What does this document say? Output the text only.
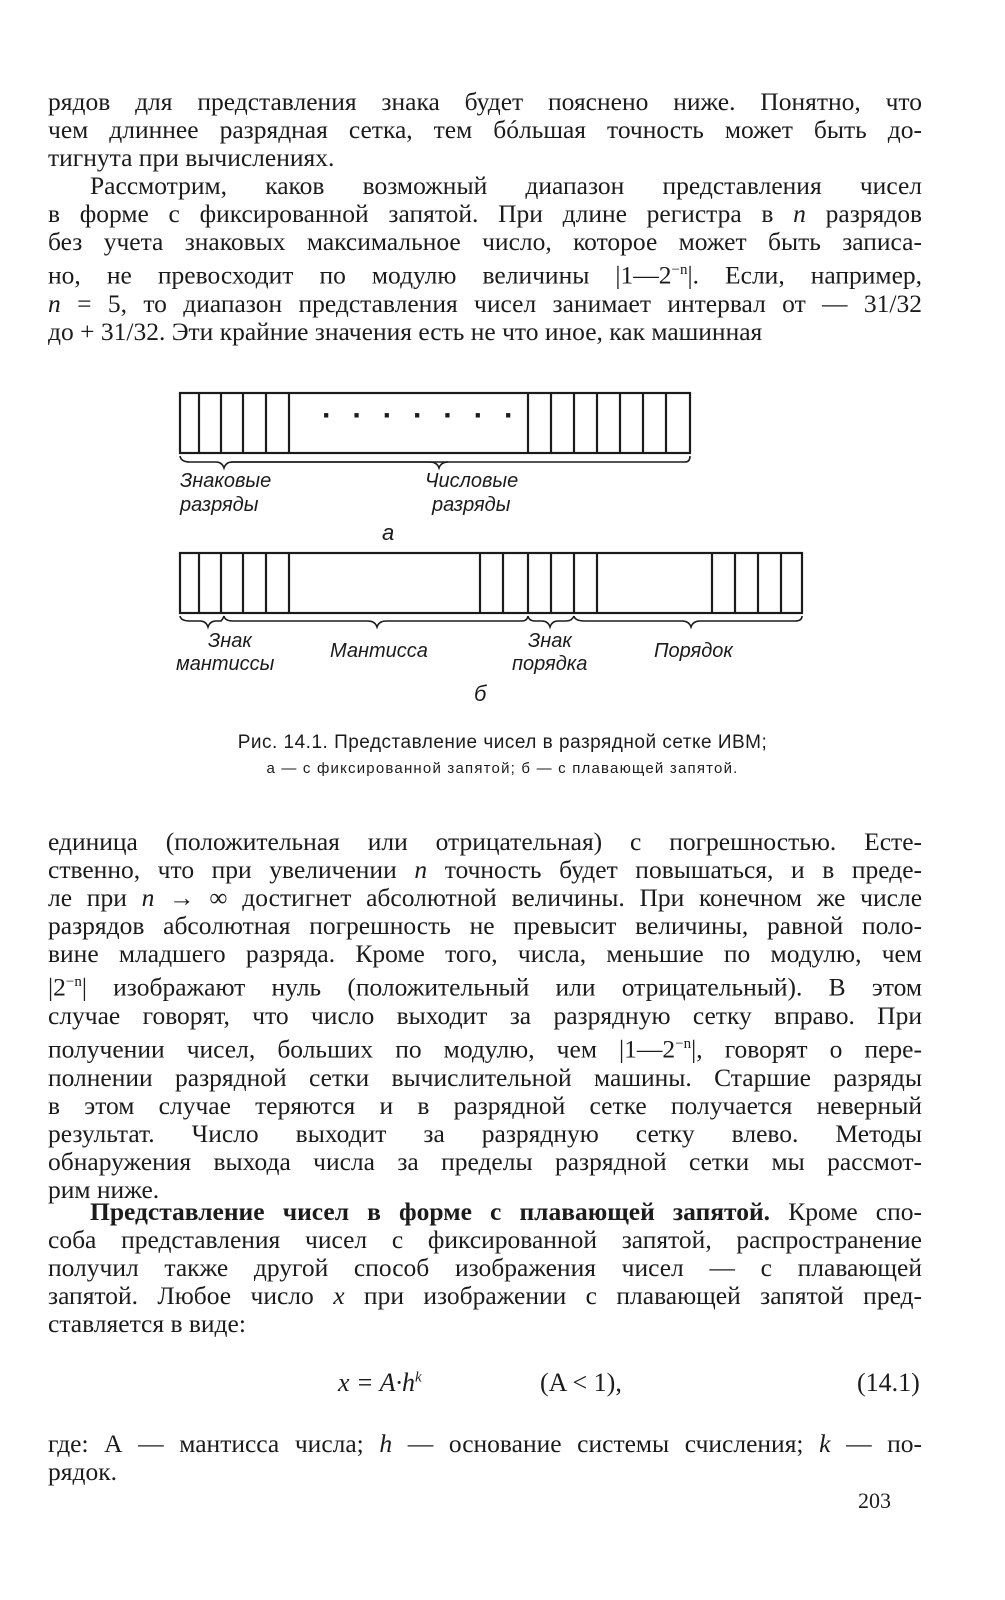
рядов для представления знака будет пояснено ниже. Понятно, что
чем длиннее разрядная сетка, тем бóльшая точность может быть до-
тигнута при вычислениях.
Рассмотрим, каков возможный диапазон представления чисел
в форме с фиксированной запятой. При длине регистра в n разрядов
без учета знаковых максимальное число, которое может быть записа-
но, не превосходит по модулю величины $|1—2^{-n}|$. Если, например,
n = 5, то диапазон представления чисел занимает интервал от — 31/32
до + 31/32. Эти крайние значения есть не что иное, как машинная
· · · · · · ·
Знаковые
разряды
Числовые
разряды
а
Знак
мантиссы
Мантисса	Знак
порядка
Порядок
б
Рис. 14.1. Представление чисел в разрядной сетке ИВМ;
а — с фиксированной запятой; б — с плавающей запятой.
единица (положительная или отрицательная) с погрешностью. Есте-
ственно, что при увеличении n точность будет повышаться, и в преде-
ле при n → ∞ достигнет абсолютной величины. При конечном же числе
разрядов абсолютная погрешность не превысит величины, равной поло-
вине младшего разряда. Кроме того, числа, меньшие по модулю, чем
$|2^{-n}|$ изображают нуль (положительный или отрицательный). В этом
случае говорят, что число выходит за разрядную сетку вправо. При
получении чисел, больших по модулю, чем $|1—2^{-n}|$, говорят о пере-
полнении разрядной сетки вычислительной машины. Старшие разряды
в этом случае теряются и в разрядной сетке получается неверный
результат. Число выходит за разрядную сетку влево. Методы
обнаружения выхода числа за пределы разрядной сетки мы рассмот-
рим ниже.
Представление чисел в форме с плавающей запятой. Кроме спо-
соба представления чисел с фиксированной запятой, распространение
получил также другой способ изображения чисел — с плавающей
запятой. Любое число x при изображении с плавающей запятой пред-
ставляется в виде:
$x = A\cdot h^k$	(A < 1),	(14.1)
где: А — мантисса числа; h — основание системы счисления; k — по-
рядок.
203
